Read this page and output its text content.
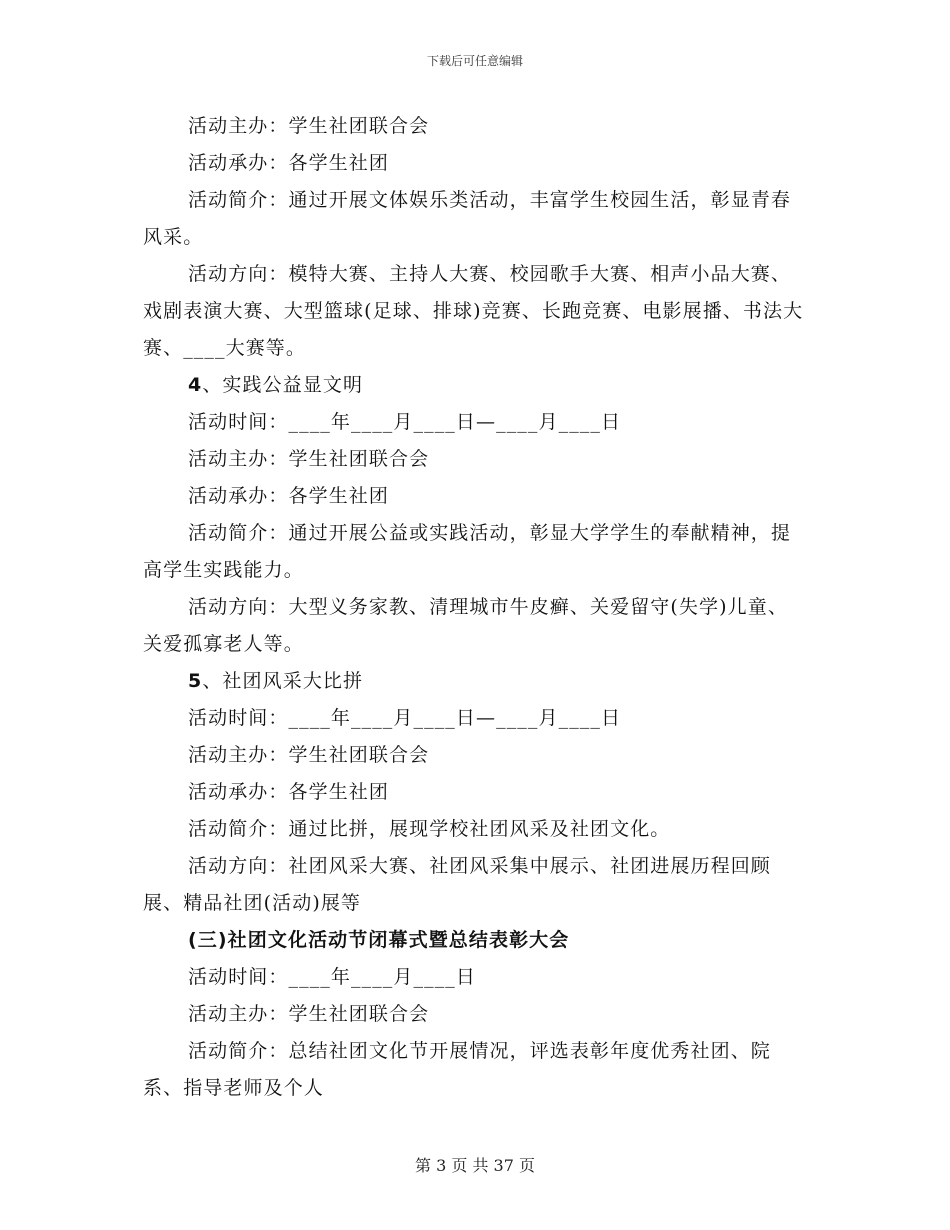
下载后可任意编辑

活动主办：学生社团联合会

活动承办：各学生社团

活动简介：通过开展文体娱乐类活动，丰富学生校园生活，彰显青春风采。

活动方向：模特大赛、主持人大赛、校园歌手大赛、相声小品大赛、戏剧表演大赛、大型篮球(足球、排球)竞赛、长跑竞赛、电影展播、书法大赛、____大赛等。

4、实践公益显文明

活动时间：____年____月____日—____月____日

活动主办：学生社团联合会

活动承办：各学生社团

活动简介：通过开展公益或实践活动，彰显大学学生的奉献精神，提高学生实践能力。

活动方向：大型义务家教、清理城市牛皮癣、关爱留守(失学)儿童、关爱孤寡老人等。

5、社团风采大比拼

活动时间：____年____月____日—____月____日

活动主办：学生社团联合会

活动承办：各学生社团

活动简介：通过比拼，展现学校社团风采及社团文化。

活动方向：社团风采大赛、社团风采集中展示、社团进展历程回顾展、精品社团(活动)展等

(三)社团文化活动节闭幕式暨总结表彰大会

活动时间：____年____月____日

活动主办：学生社团联合会

活动简介：总结社团文化节开展情况，评选表彰年度优秀社团、院系、指导老师及个人

第 3 页 共 37 页
